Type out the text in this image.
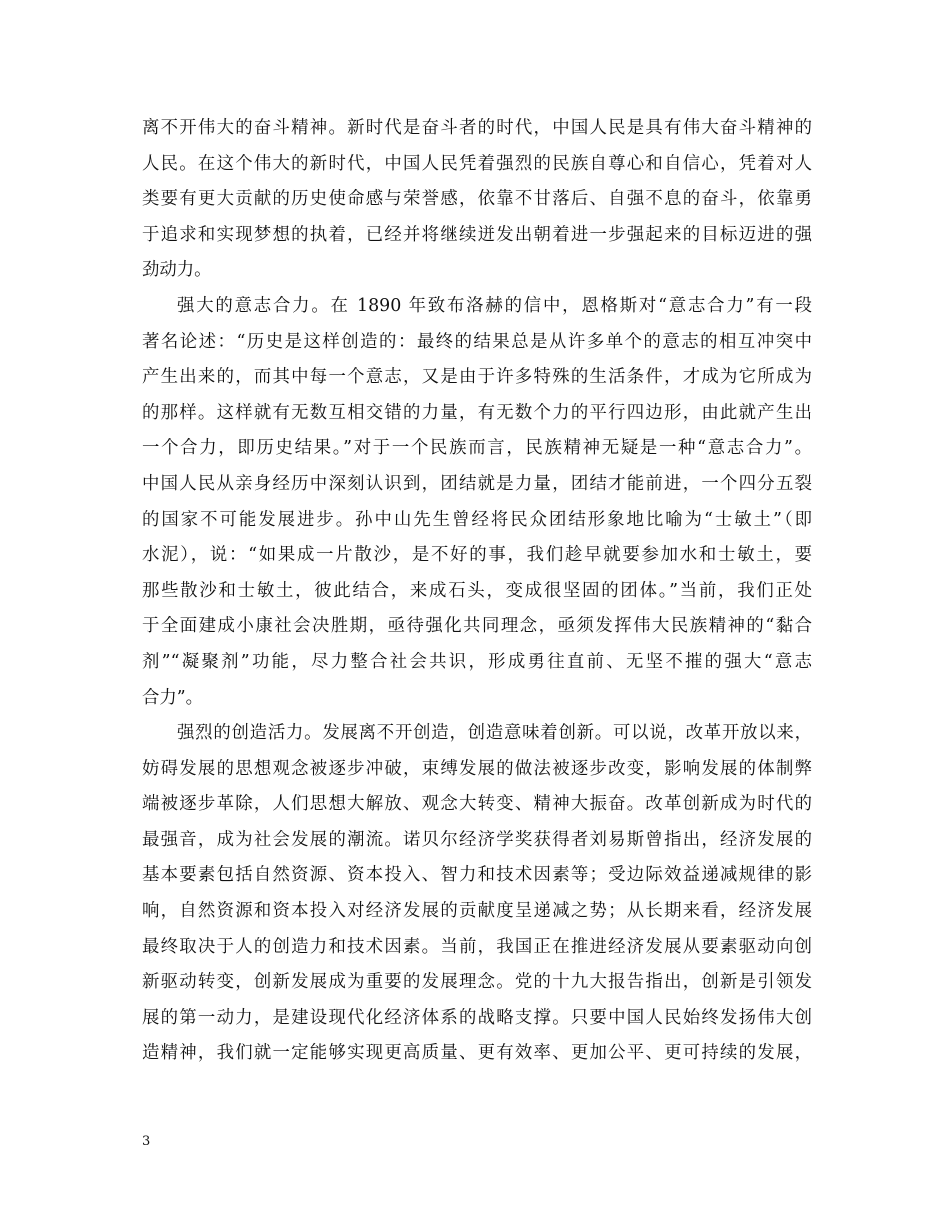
离不开伟大的奋斗精神。新时代是奋斗者的时代，中国人民是具有伟大奋斗精神的
人民。在这个伟大的新时代，中国人民凭着强烈的民族自尊心和自信心，凭着对人
类要有更大贡献的历史使命感与荣誉感，依靠不甘落后、自强不息的奋斗，依靠勇
于追求和实现梦想的执着，已经并将继续迸发出朝着进一步强起来的目标迈进的强
劲动力。
强大的意志合力。在 1890 年致布洛赫的信中，恩格斯对“意志合力”有一段
著名论述：“历史是这样创造的：最终的结果总是从许多单个的意志的相互冲突中
产生出来的，而其中每一个意志，又是由于许多特殊的生活条件，才成为它所成为
的那样。这样就有无数互相交错的力量，有无数个力的平行四边形，由此就产生出
一个合力，即历史结果。”对于一个民族而言，民族精神无疑是一种“意志合力”。
中国人民从亲身经历中深刻认识到，团结就是力量，团结才能前进，一个四分五裂
的国家不可能发展进步。孙中山先生曾经将民众团结形象地比喻为“士敏土”（即
水泥），说：“如果成一片散沙，是不好的事，我们趁早就要参加水和士敏土，要
那些散沙和士敏土，彼此结合，来成石头，变成很坚固的团体。”当前，我们正处
于全面建成小康社会决胜期，亟待强化共同理念，亟须发挥伟大民族精神的“黏合
剂”“凝聚剂”功能，尽力整合社会共识，形成勇往直前、无坚不摧的强大“意志
合力”。
强烈的创造活力。发展离不开创造，创造意味着创新。可以说，改革开放以来，
妨碍发展的思想观念被逐步冲破，束缚发展的做法被逐步改变，影响发展的体制弊
端被逐步革除，人们思想大解放、观念大转变、精神大振奋。改革创新成为时代的
最强音，成为社会发展的潮流。诺贝尔经济学奖获得者刘易斯曾指出，经济发展的
基本要素包括自然资源、资本投入、智力和技术因素等；受边际效益递减规律的影
响，自然资源和资本投入对经济发展的贡献度呈递减之势；从长期来看，经济发展
最终取决于人的创造力和技术因素。当前，我国正在推进经济发展从要素驱动向创
新驱动转变，创新发展成为重要的发展理念。党的十九大报告指出，创新是引领发
展的第一动力，是建设现代化经济体系的战略支撑。只要中国人民始终发扬伟大创
造精神，我们就一定能够实现更高质量、更有效率、更加公平、更可持续的发展，
3
